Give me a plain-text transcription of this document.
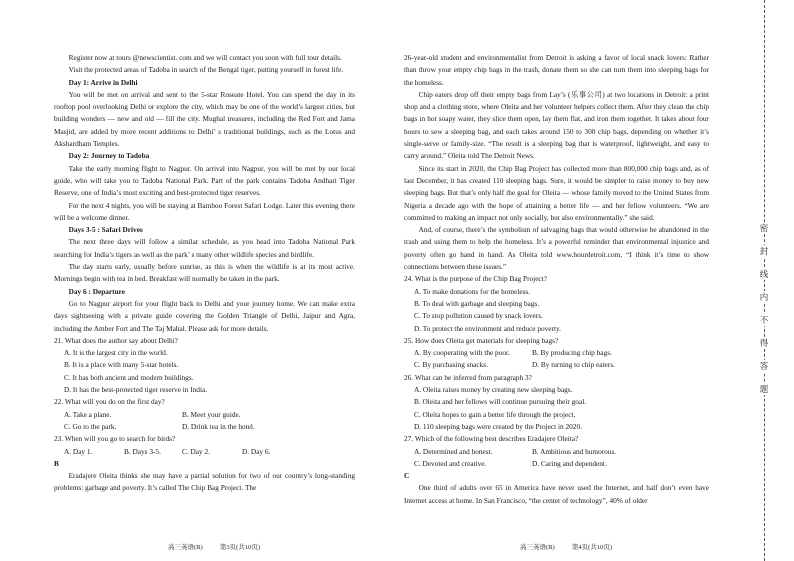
Register now at tours @newscientist. com and we will contact you soon with full tour details.

Visit the protected areas of Tadoba in search of the Bengal tiger, putting yourself in forest life.

Day 1: Arrive in Delhi

You will be met on arrival and sent to the 5-star Roseate Hotel. You can spend the day in its rooftop pool overlooking Delhi or explore the city, which may be one of the world’s largest cities, but building wonders — new and old — fill the city. Mughal treasures, including the Red Fort and Jama Masjid, are added by more recent additions to Delhi’ s traditional buildings, such as the Lotus and Akshardham Temples.

Day 2: Journey to Tadoba

Take the early morning flight to Nagpur. On arrival into Nagpur, you will be met by our local guide, who will take you to Tadoba National Park. Part of the park contains Tadoba Andhari Tiger Reserve, one of India’s most exciting and best-protected tiger reserves.

For the next 4 nights, you will be staying at Bamboo Forest Safari Lodge. Later this evening there will be a welcome dinner.

Days 3-5 : Safari Drives

The next three days will follow a similar schedule, as you head into Tadoba National Park searching for India’s tigers as well as the park’ s many other wildlife species and birdlife.

The day starts early, usually before sunrise, as this is when the wildlife is at its most active. Mornings begin with tea in bed. Breakfast will normally be taken in the park.

Day 6 : Departure

Go to Nagpur airport for your flight back to Delhi and your journey home. We can make extra days sightseeing with a private guide covering the Golden Triangle of Delhi, Jaipur and Agra, including the Amber Fort and The Taj Mahal. Please ask for more details.

21. What does the author say about Delhi?

A. It is the largest city in the world.

B. It is a place with many 5-star hotels.

C. It has both ancient and modern buildings.

D. It has the best-protected tiger reserve in India.

22. What will you do on the first day?

A. Take a plane.	B. Meet your guide.
C. Go to the park.	D. Drink tea in the hotel.

23. When will you go to search for birds?

A. Day 1.	B. Days 3-5.	C. Day 2.	D. Day 6.

B

Eradajere Oleita thinks she may have a partial solution for two of our country’s long-standing problems: garbage and poverty. It’s called The Chip Bag Project. The

26-year-old student and environmentalist from Detroit is asking a favor of local snack lovers: Rather than throw your empty chip bags in the trash, donate them so she can turn them into sleeping bags for the homeless.

Chip eaters drop off their empty bags from Lay’s (乐事公司) at two locations in Detroit: a print shop and a clothing store, where Oleita and her volunteer helpers collect them. After they clean the chip bags in hot soapy water, they slice them open, lay them flat, and iron them together. It takes about four hours to sew a sleeping bag, and each takes around 150 to 300 chip bags, depending on whether it’s single-serve or family-size. “The result is a sleeping bag that is waterproof, lightweight, and easy to carry around.” Oleita told The Detroit News.

Since its start in 2020, the Chip Bag Project has collected more than 800,000 chip bags and, as of last December, it has created 110 sleeping bags. Sure, it would be simpler to raise money to buy new sleeping bags. But that’s only half the goal for Oleita — whose family moved to the United States from Nigeria a decade ago with the hope of attaining a better life — and her fellow volunteers. “We are committed to making an impact not only socially, but also environmentally.” she said.

And, of course, there’s the symbolism of salvaging bags that would otherwise be abandoned in the trash and using them to help the homeless. It’s a powerful reminder that environmental injustice and poverty often go hand in hand. As Oleita told www.hourdetroit.com, “I think it’s time to show connections between these issues.”

24. What is the purpose of the Chip Bag Project?

A. To make donations for the homeless.

B. To deal with garbage and sleeping bags.

C. To stop pollution caused by snack lovers.

D. To protect the environment and reduce poverty.

25. How does Oleita get materials for sleeping bags?

A. By cooperating with the poor.	B. By producing chip bags.
C. By purchasing snacks.	D. By turning to chip eaters.

26. What can be inferred from paragraph 3?

A. Oleita raises money by creating new sleeping bags.

B. Oleita and her fellows will continue pursuing their goal.

C. Oleita hopes to gain a better life through the project.

D. 110 sleeping bags were created by the Project in 2020.

27. Which of the following best describes Eradajere Oleita?

A. Determined and honest.	B. Ambitious and humorous.
C. Devoted and creative.	D. Caring and dependent.

C

One third of adults over 65 in America have never used the Internet, and half don’t even have Internet access at home. In San Francisco, “the center of technology”, 40% of older

高三英语(B)	第3页(共10页)	高三英语(B)	第4页(共10页)
密
封
线
内
不
得
答
题
